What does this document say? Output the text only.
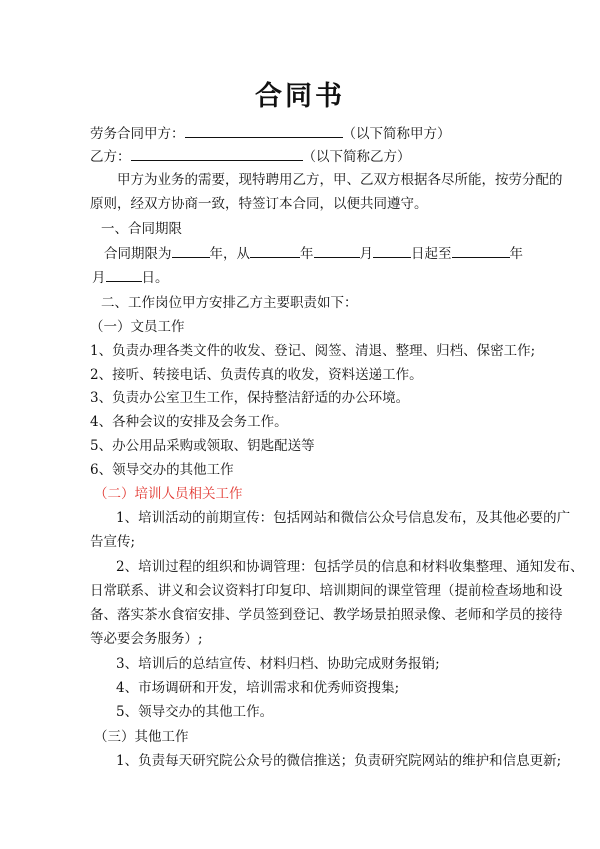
合同书
劳务合同甲方：	（以下简称甲方）
乙方：	（以下简称乙方）
甲方为业务的需要，现特聘用乙方，甲、乙双方根据各尽所能，按劳分配的
原则，经双方协商一致，特签订本合同，以便共同遵守。
一、合同期限
合同期限为	年，从	年	月	日起至	年
月	日。
二、工作岗位甲方安排乙方主要职责如下：
（一）文员工作
1、负责办理各类文件的收发、登记、阅签、清退、整理、归档、保密工作;
2、接听、转接电话、负责传真的收发，资料送递工作。
3、负责办公室卫生工作，保持整洁舒适的办公环境。
4、各种会议的安排及会务工作。
5、办公用品采购或领取、钥匙配送等
6、领导交办的其他工作
（二）培训人员相关工作
1、培训活动的前期宣传：包括网站和微信公众号信息发布，及其他必要的广
告宣传;
2、培训过程的组织和协调管理：包括学员的信息和材料收集整理、通知发布、
日常联系、讲义和会议资料打印复印、培训期间的课堂管理（提前检查场地和设
备、落实茶水食宿安排、学员签到登记、教学场景拍照录像、老师和学员的接待
等必要会务服务）;
3、培训后的总结宣传、材料归档、协助完成财务报销;
4、市场调研和开发，培训需求和优秀师资搜集;
5、领导交办的其他工作。
（三）其他工作
1、负责每天研究院公众号的微信推送；负责研究院网站的维护和信息更新;
